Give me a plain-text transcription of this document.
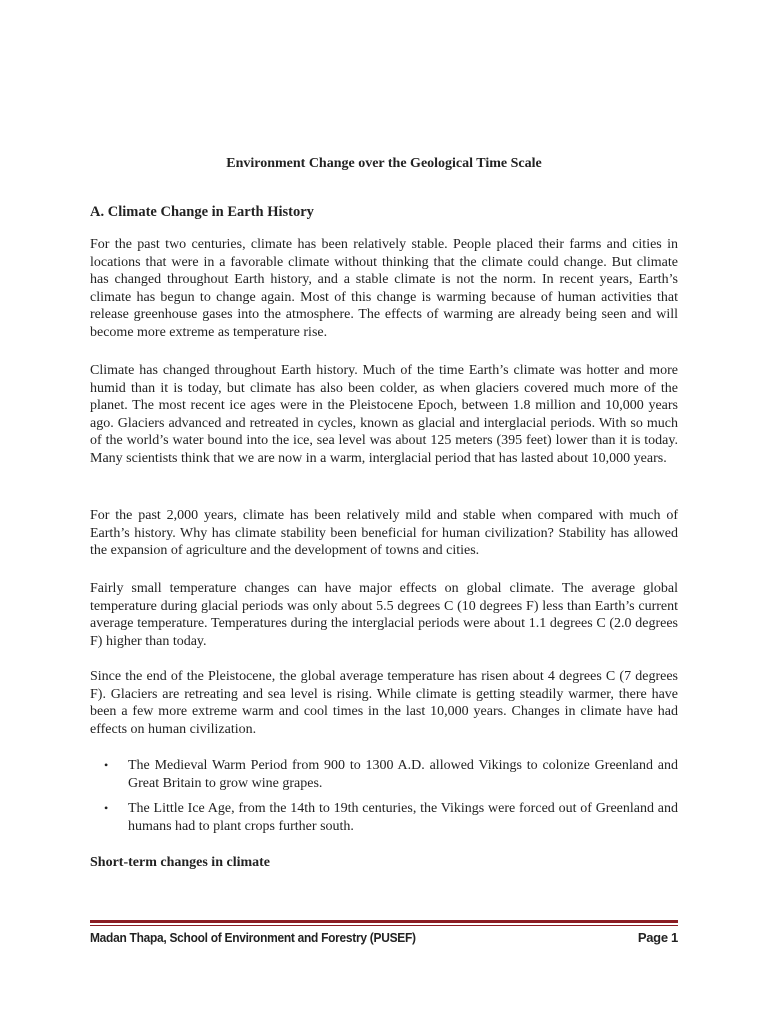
Environment Change over the Geological Time Scale
A. Climate Change in Earth History

For the past two centuries, climate has been relatively stable. People placed their farms and cities in locations that were in a favorable climate without thinking that the climate could change. But climate has changed throughout Earth history, and a stable climate is not the norm. In recent years, Earth’s climate has begun to change again. Most of this change is warming because of human activities that release greenhouse gases into the atmosphere. The effects of warming are already being seen and will become more extreme as temperature rise.

Climate has changed throughout Earth history. Much of the time Earth’s climate was hotter and more humid than it is today, but climate has also been colder, as when glaciers covered much more of the planet. The most recent ice ages were in the Pleistocene Epoch, between 1.8 million and 10,000 years ago. Glaciers advanced and retreated in cycles, known as glacial and interglacial periods. With so much of the world’s water bound into the ice, sea level was about 125 meters (395 feet) lower than it is today. Many scientists think that we are now in a warm, interglacial period that has lasted about 10,000 years.

For the past 2,000 years, climate has been relatively mild and stable when compared with much of Earth’s history. Why has climate stability been beneficial for human civilization? Stability has allowed the expansion of agriculture and the development of towns and cities.

Fairly small temperature changes can have major effects on global climate. The average global temperature during glacial periods was only about 5.5 degrees C (10 degrees F) less than Earth’s current average temperature. Temperatures during the interglacial periods were about 1.1 degrees C (2.0 degrees F) higher than today.

Since the end of the Pleistocene, the global average temperature has risen about 4 degrees C (7 degrees F). Glaciers are retreating and sea level is rising. While climate is getting steadily warmer, there have been a few more extreme warm and cool times in the last 10,000 years. Changes in climate have had effects on human civilization.

• The Medieval Warm Period from 900 to 1300 A.D. allowed Vikings to colonize Greenland and Great Britain to grow wine grapes.
• The Little Ice Age, from the 14th to 19th centuries, the Vikings were forced out of Greenland and humans had to plant crops further south.
Short-term changes in climate
Madan Thapa, School of Environment and Forestry (PUSEF)	Page 1
